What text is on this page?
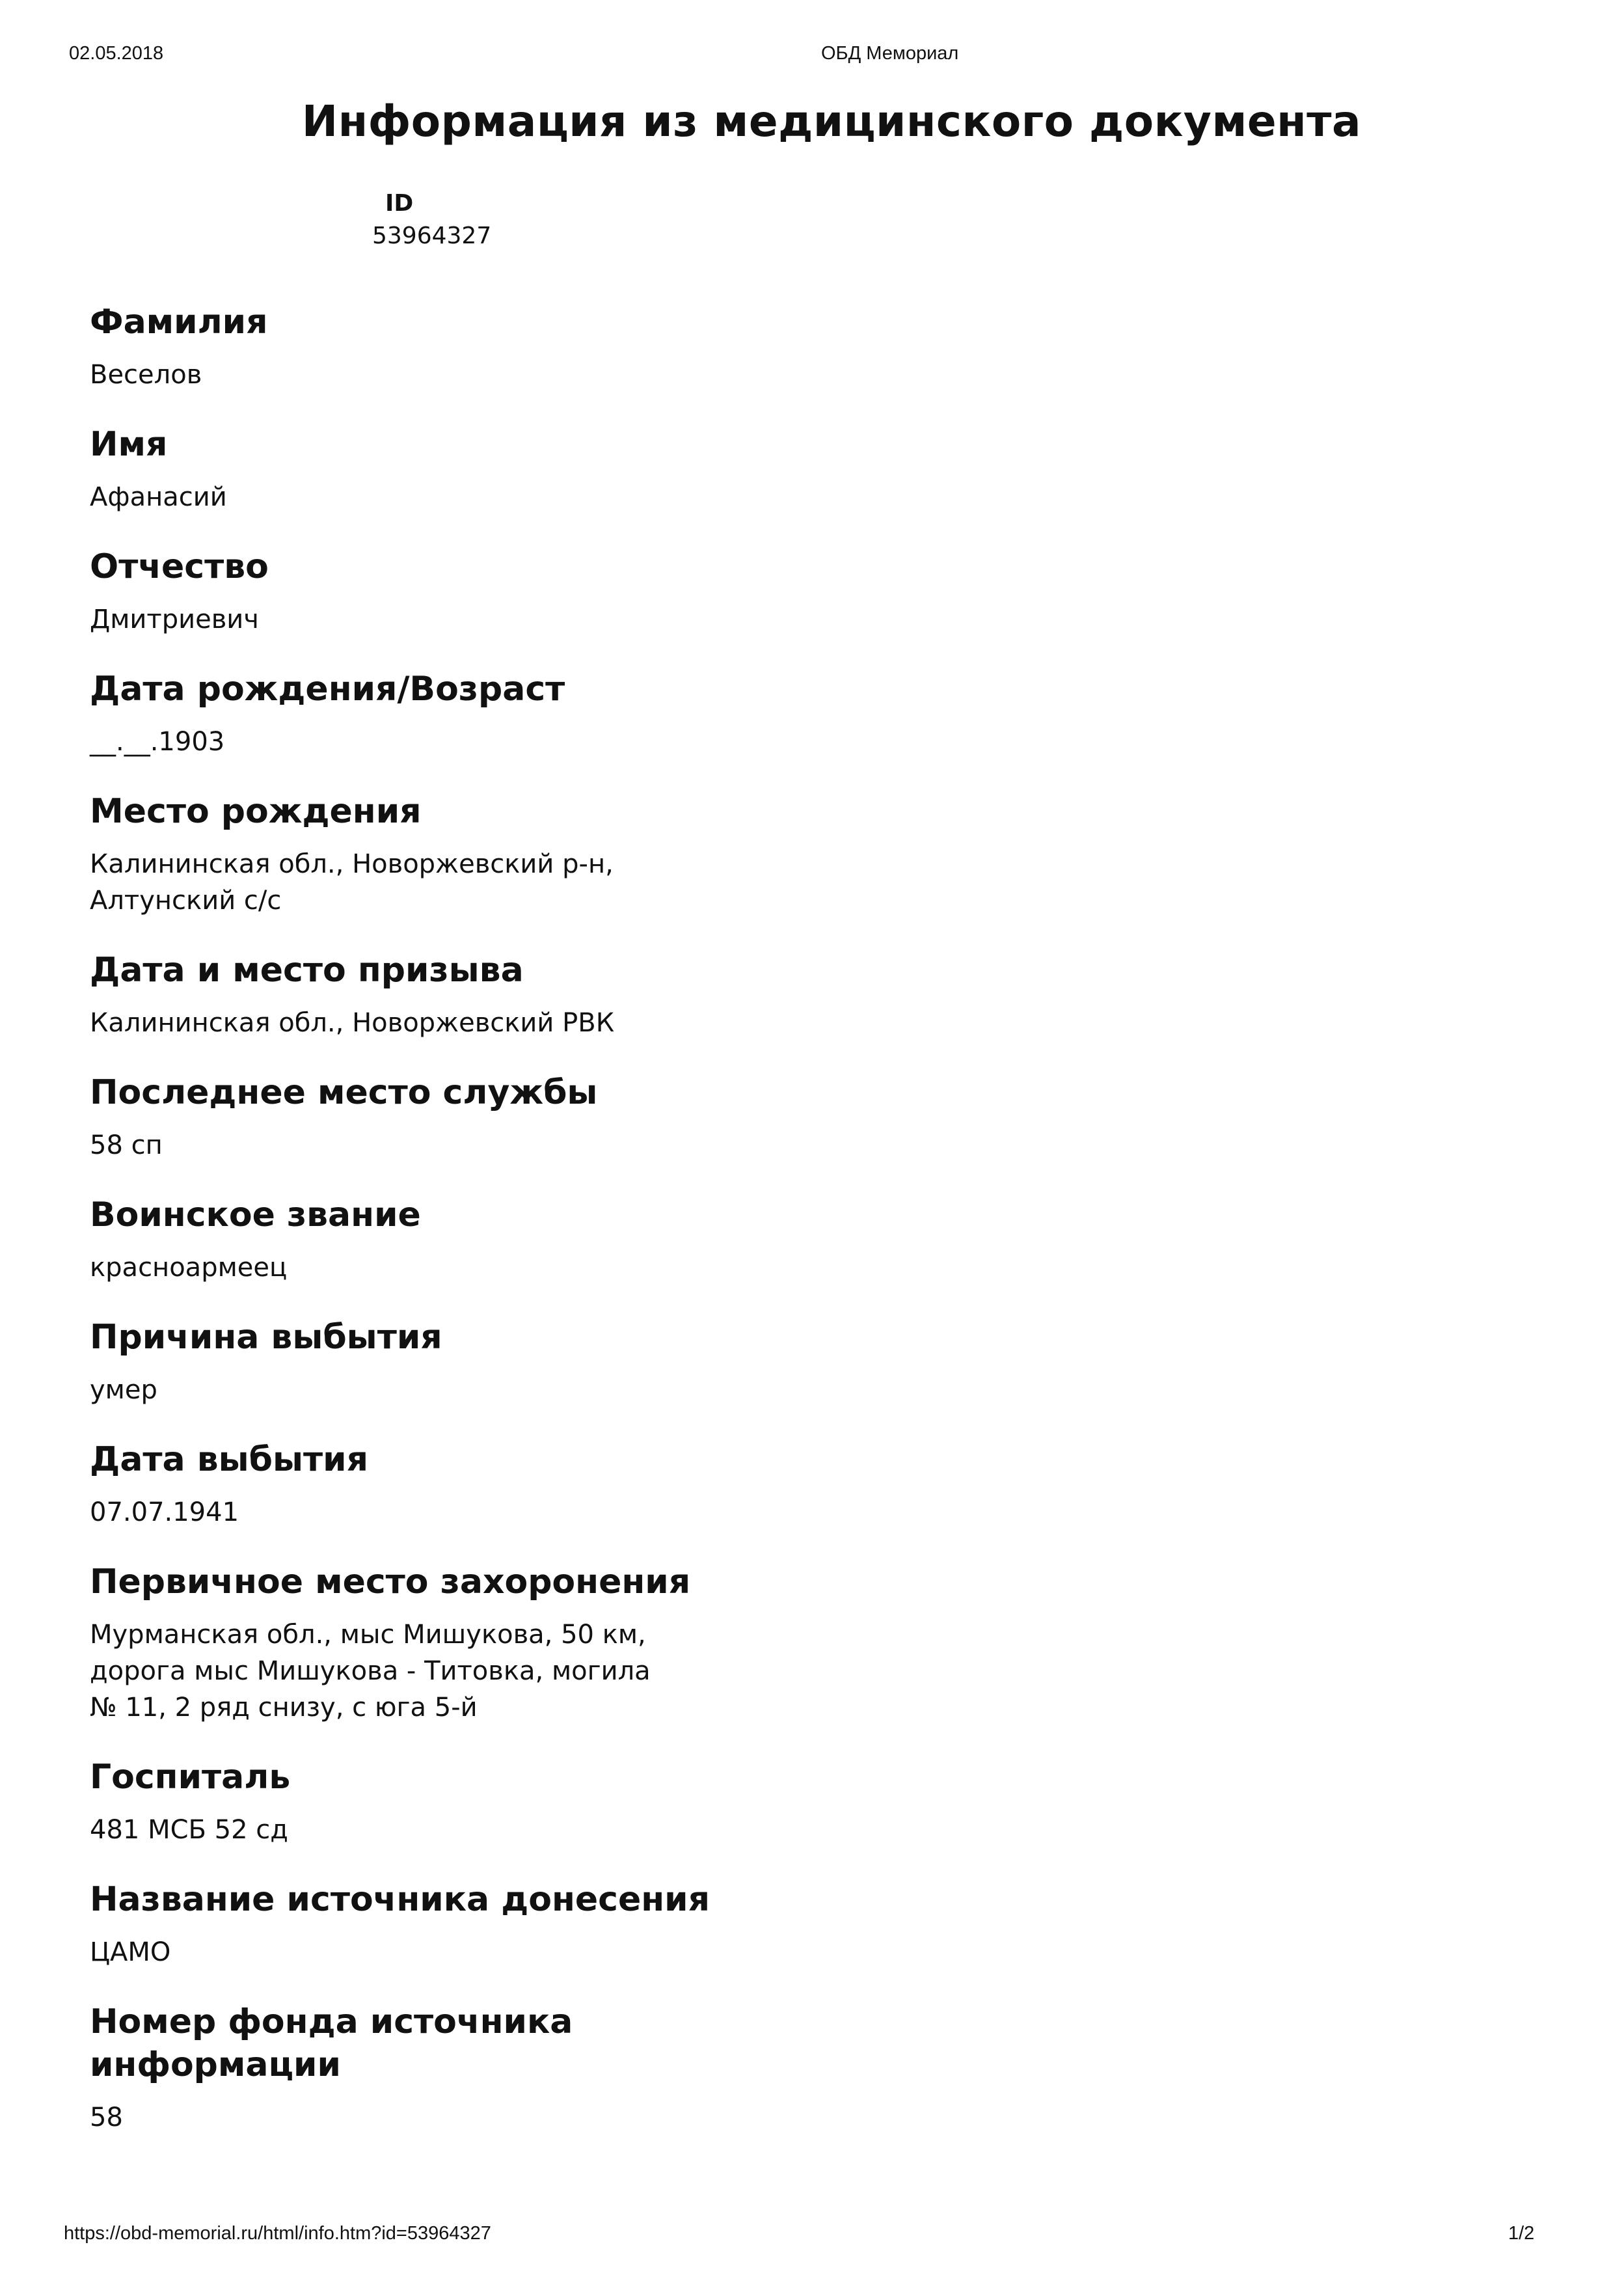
02.05.2018	ОБД Мемориал
Информация из медицинского документа
ID
53964327
Фамилия
Веселов
Имя
Афанасий
Отчество
Дмитриевич
Дата рождения/Возраст
__.__.1903
Место рождения
Калининская обл., Новоржевский р-н,
Алтунский с/с
Дата и место призыва
Калининская обл., Новоржевский РВК
Последнее место службы
58 сп
Воинское звание
красноармеец
Причина выбытия
умер
Дата выбытия
07.07.1941
Первичное место захоронения
Мурманская обл., мыс Мишукова, 50 км,
дорога мыс Мишукова - Титовка, могила
№ 11, 2 ряд снизу, с юга 5-й
Госпиталь
481 МСБ 52 сд
Название источника донесения
ЦАМО
Номер фонда источника
информации
58
https://obd-memorial.ru/html/info.htm?id=53964327	1/2
